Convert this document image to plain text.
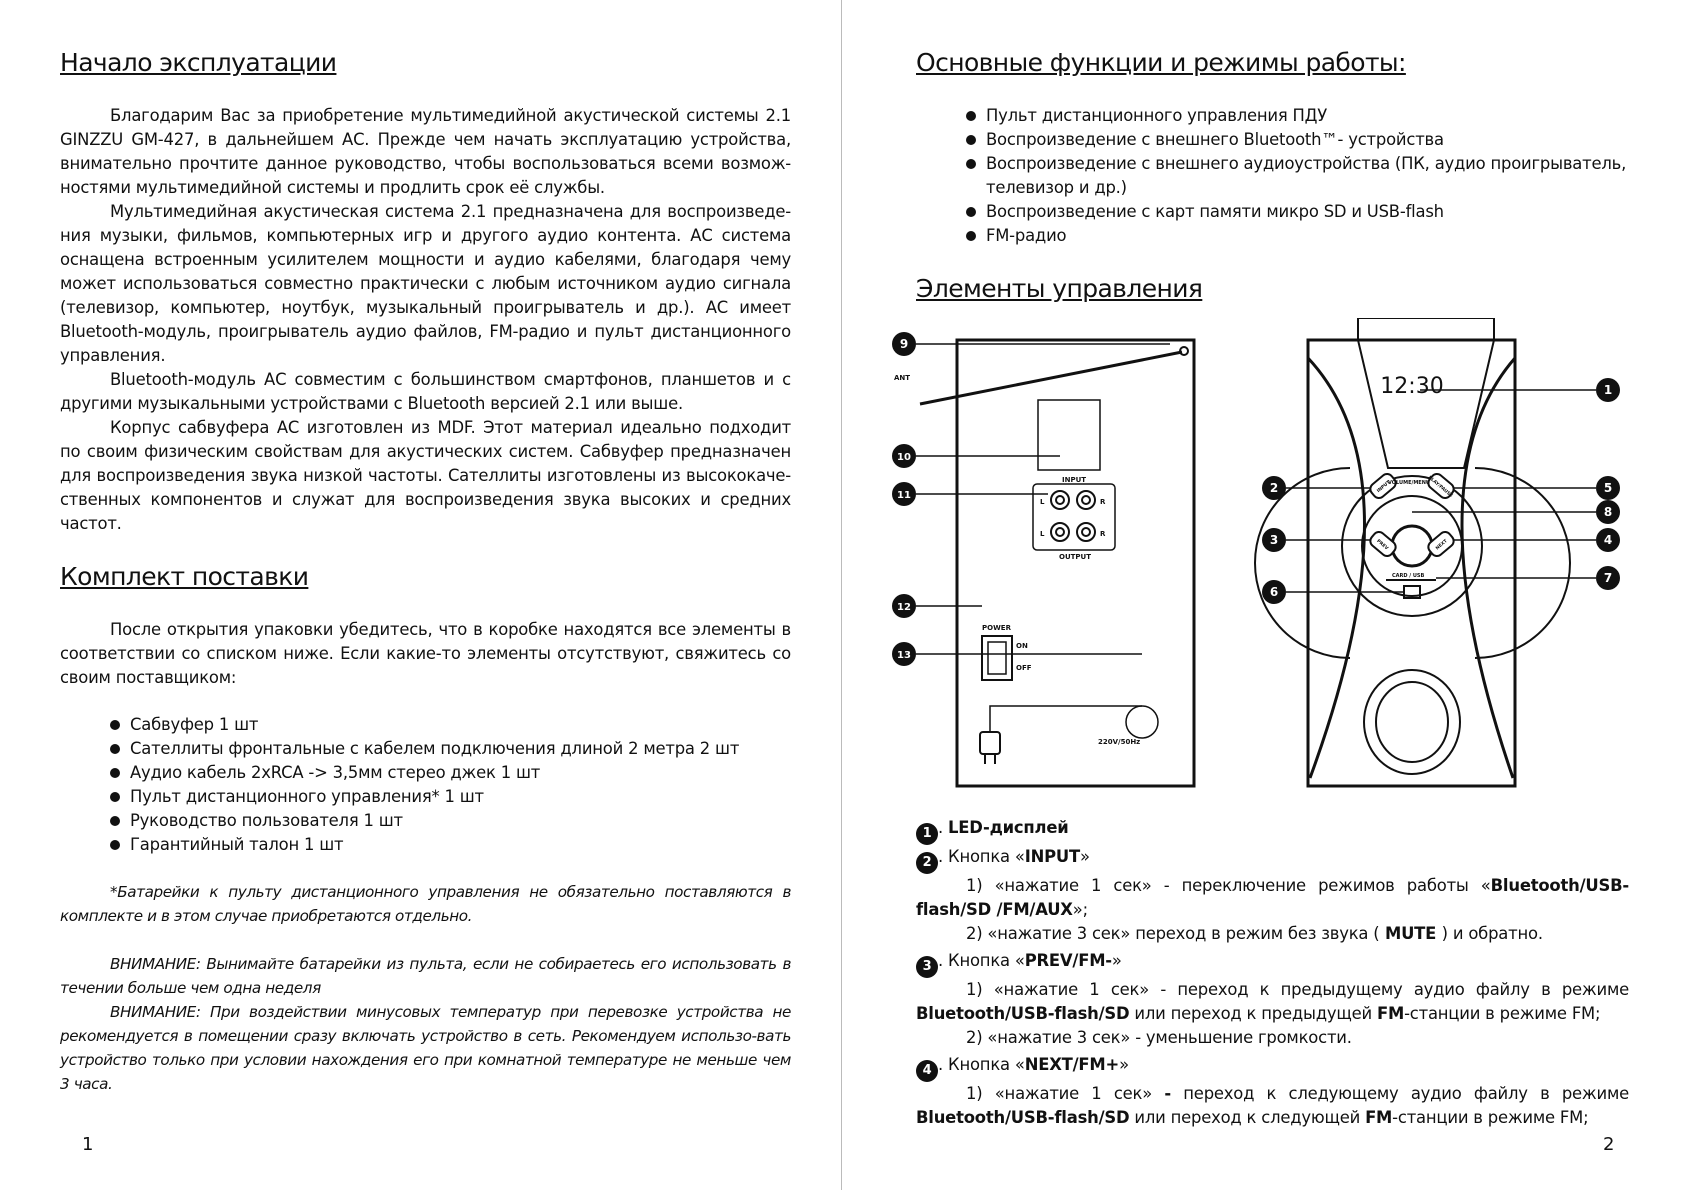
Начало эксплуатации

Благодарим Вас за приобретение мультимедийной акустической системы 2.1 GINZZU GM-427, в дальнейшем АС. Прежде чем начать эксплуатацию устройства, внимательно прочтите данное руководство, чтобы воспользоваться всеми возмож-ностями мультимедийной системы и продлить срок её службы.

Мультимедийная акустическая система 2.1 предназначена для воспроизведе-ния музыки, фильмов, компьютерных игр и другого аудио контента. АС система оснащена встроенным усилителем мощности и аудио кабелями, благодаря чему может использоваться совместно практически с любым источником аудио сигнала (телевизор, компьютер, ноутбук, музыкальный проигрыватель и др.). АС имеет Bluetooth-модуль, проигрыватель аудио файлов, FM-радио и пульт дистанционного управления.

Bluetooth-модуль АС совместим с большинством смартфонов, планшетов и с другими музыкальными устройствами с Bluetooth версией 2.1 или выше.

Корпус сабвуфера АС изготовлен из MDF. Этот материал идеально подходит по своим физическим свойствам для акустических систем. Сабвуфер предназначен для воспроизведения звука низкой частоты. Сателлиты изготовлены из высококаче-ственных компонентов и служат для воспроизведения звука высоких и средних частот.

Комплект поставки

После открытия упаковки убедитесь, что в коробке находятся все элементы в соответствии со списком ниже. Если какие-то элементы отсутствуют, свяжитесь со своим поставщиком:

Сабвуфер 1 шт
Сателлиты фронтальные с кабелем подключения длиной 2 метра 2 шт
Аудио кабель 2xRCA -> 3,5мм стерео джек 1 шт
Пульт дистанционного управления* 1 шт
Руководство пользователя 1 шт
Гарантийный талон 1 шт

*Батарейки к пульту дистанционного управления не обязательно поставляются в комплекте и в этом случае приобретаются отдельно.

ВНИМАНИЕ: Вынимайте батарейки из пульта, если не собираетесь его использовать в течении больше чем одна неделя

ВНИМАНИЕ: При воздействии минусовых температур при перевозке устройства не рекомендуется в помещении сразу включать устройство в сеть. Рекомендуем использо-вать устройство только при условии нахождения его при комнатной температуре не меньше чем 3 часа.

1
Основные функции и режимы работы:
Пульт дистанционного управления ПДУ
Воспроизведение с внешнего Bluetooth™- устройства
Воспроизведение с внешнего аудиоустройства (ПК, аудио проигрыватель, телевизор и др.)
Воспроизведение с карт памяти микро SD и USB-flash
FM-радио
Элементы управления
ANT
INPUT
OUTPUT
L	R
L	R
POWER
ON
OFF
220V/50Hz
VOLUME/MENU
CARD / USB
12:30
INPUT	PLAY/PAUSE
PREV	NEXT
9
10
11
12
13
1
2
3
5
8
4
7
6

1 . LED-дисплей

2 . Кнопка «INPUT»

1) «нажатие 1 сек» - переключение режимов работы «Bluetooth/USB-flash/SD /FM/AUX»;

2) «нажатие 3 сек» переход в режим без звука ( MUTE ) и обратно.

3 . Кнопка «PREV/FM-»

1) «нажатие 1 сек» - переход к предыдущему аудио файлу в режиме Bluetooth/USB-flash/SD или переход к предыдущей FM-станции в режиме FM;

2) «нажатие 3 сек» - уменьшение громкости.

4 . Кнопка «NEXT/FM+»

1) «нажатие 1 сек» - переход к следующему аудио файлу в режиме Bluetooth/USB-flash/SD или переход к следующей FM-станции в режиме FM;

2
